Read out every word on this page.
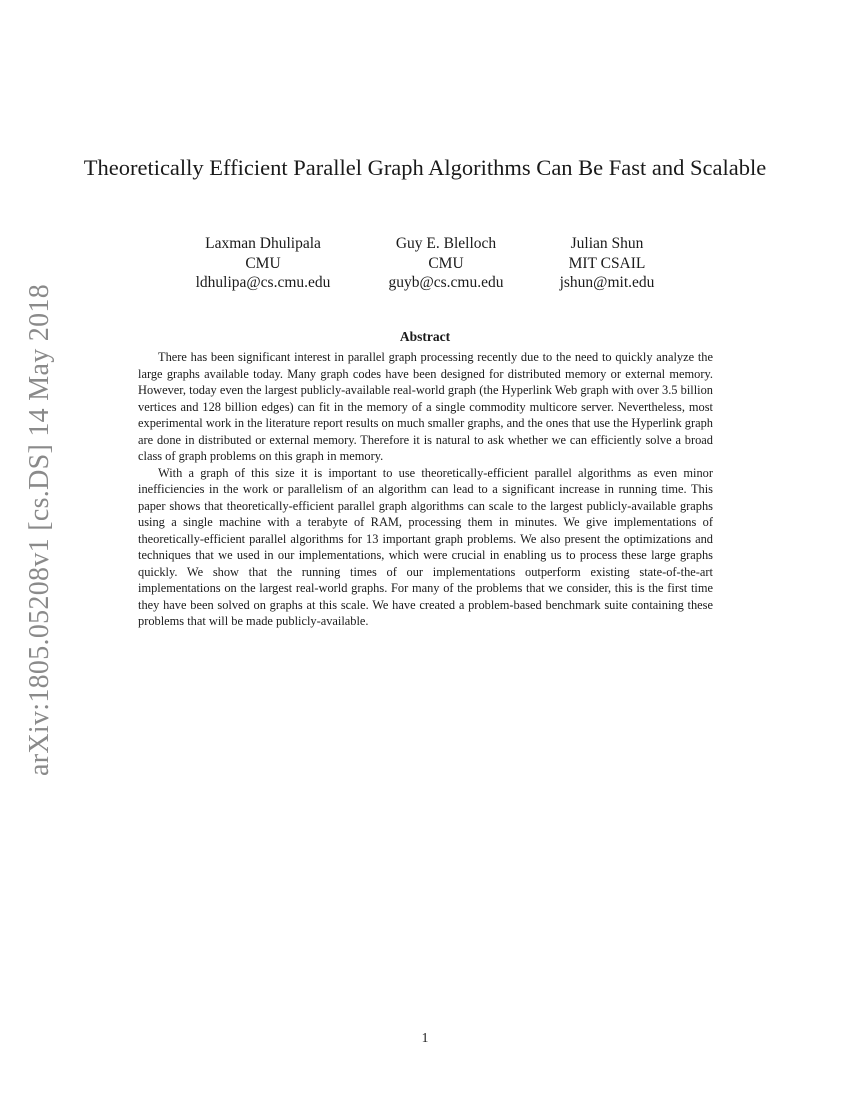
arXiv:1805.05208v1 [cs.DS] 14 May 2018
Theoretically Efficient Parallel Graph Algorithms Can Be Fast and Scalable
Laxman Dhulipala
CMU
ldhulipa@cs.cmu.edu
Guy E. Blelloch
CMU
guyb@cs.cmu.edu
Julian Shun
MIT CSAIL
jshun@mit.edu
Abstract

There has been significant interest in parallel graph processing recently due to the need to quickly analyze the large graphs available today. Many graph codes have been designed for distributed memory or external memory. However, today even the largest publicly-available real-world graph (the Hyperlink Web graph with over 3.5 billion vertices and 128 billion edges) can fit in the memory of a single commodity multicore server. Nevertheless, most experimental work in the literature report results on much smaller graphs, and the ones that use the Hyperlink graph are done in distributed or external memory. Therefore it is natural to ask whether we can efficiently solve a broad class of graph problems on this graph in memory.

With a graph of this size it is important to use theoretically-efficient parallel algorithms as even minor inefficiencies in the work or parallelism of an algorithm can lead to a significant increase in running time. This paper shows that theoretically-efficient parallel graph algorithms can scale to the largest publicly-available graphs using a single machine with a terabyte of RAM, processing them in minutes. We give implementations of theoretically-efficient parallel algorithms for 13 important graph problems. We also present the optimizations and techniques that we used in our implementations, which were crucial in enabling us to process these large graphs quickly. We show that the running times of our implementations outperform existing state-of-the-art implementations on the largest real-world graphs. For many of the problems that we consider, this is the first time they have been solved on graphs at this scale. We have created a problem-based benchmark suite containing these problems that will be made publicly-available.

1
